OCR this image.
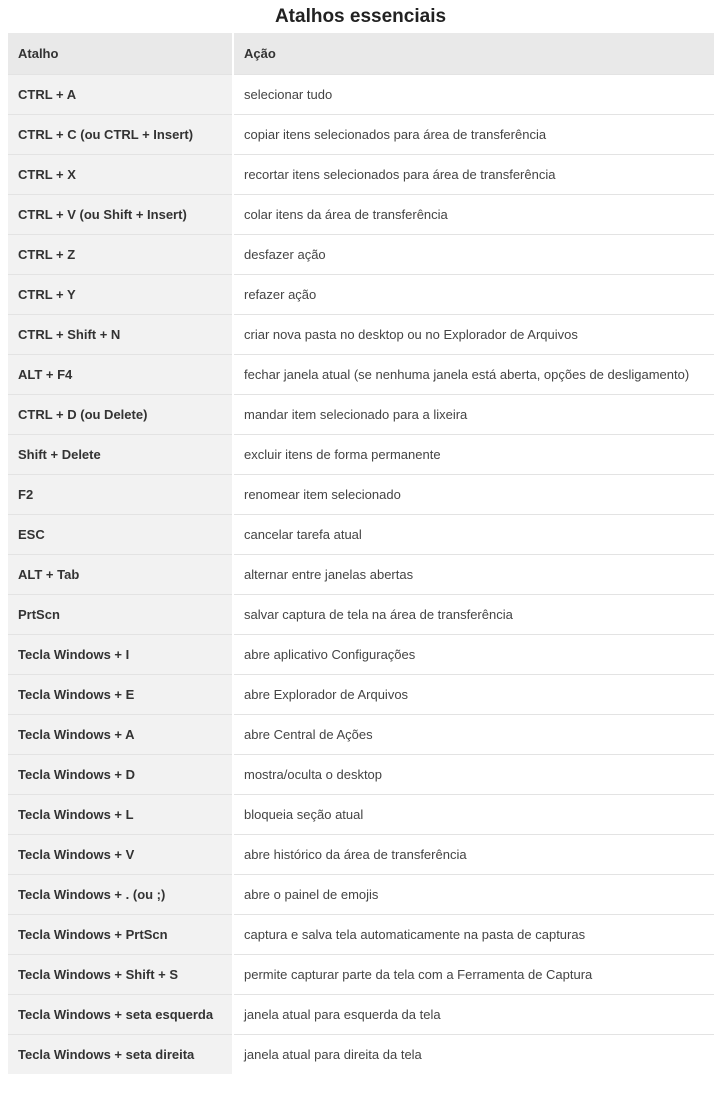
Atalhos essenciais
Atalho	Ação
CTRL + A	selecionar tudo
CTRL + C (ou CTRL + Insert)	copiar itens selecionados para área de transferência
CTRL + X	recortar itens selecionados para área de transferência
CTRL + V (ou Shift + Insert)	colar itens da área de transferência
CTRL + Z	desfazer ação
CTRL + Y	refazer ação
CTRL + Shift + N	criar nova pasta no desktop ou no Explorador de Arquivos
ALT + F4	fechar janela atual (se nenhuma janela está aberta, opções de desligamento)
CTRL + D (ou Delete)	mandar item selecionado para a lixeira
Shift + Delete	excluir itens de forma permanente
F2	renomear item selecionado
ESC	cancelar tarefa atual
ALT + Tab	alternar entre janelas abertas
PrtScn	salvar captura de tela na área de transferência
Tecla Windows + I	abre aplicativo Configurações
Tecla Windows + E	abre Explorador de Arquivos
Tecla Windows + A	abre Central de Ações
Tecla Windows + D	mostra/oculta o desktop
Tecla Windows + L	bloqueia seção atual
Tecla Windows + V	abre histórico da área de transferência
Tecla Windows + . (ou ;)	abre o painel de emojis
Tecla Windows + PrtScn	captura e salva tela automaticamente na pasta de capturas
Tecla Windows + Shift + S	permite capturar parte da tela com a Ferramenta de Captura
Tecla Windows + seta esquerda	janela atual para esquerda da tela
Tecla Windows + seta direita	janela atual para direita da tela
